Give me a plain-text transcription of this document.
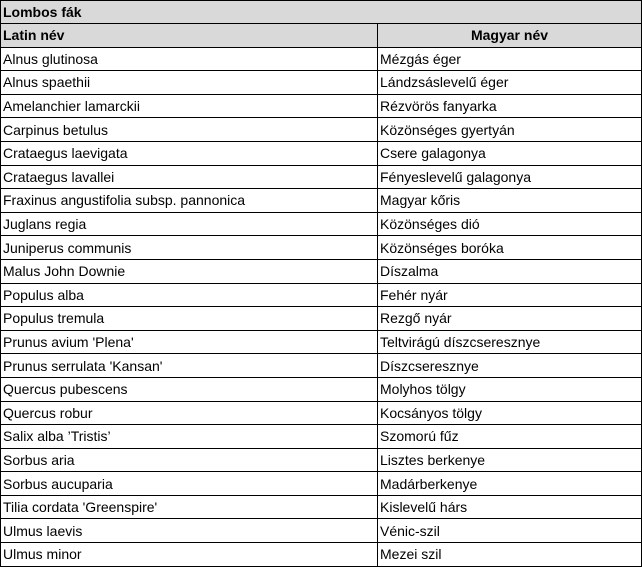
Lombos fák	
Latin név	Magyar név
Alnus glutinosa	Mézgás éger
Alnus spaethii	Lándzsáslevelű éger
Amelanchier lamarckii	Rézvörös fanyarka
Carpinus betulus	Közönséges gyertyán
Crataegus laevigata	Csere galagonya
Crataegus lavallei	Fényeslevelű galagonya
Fraxinus angustifolia subsp. pannonica	Magyar kőris
Juglans regia	Közönséges dió
Juniperus communis	Közönséges boróka
Malus John Downie	Díszalma
Populus alba	Fehér nyár
Populus tremula	Rezgő nyár
Prunus avium 'Plena'	Teltvirágú díszcseresznye
Prunus serrulata 'Kansan'	Díszcseresznye
Quercus pubescens	Molyhos tölgy
Quercus robur	Kocsányos tölgy
Salix alba ’Tristis’	Szomorú fűz
Sorbus aria	Lisztes berkenye
Sorbus aucuparia	Madárberkenye
Tilia cordata 'Greenspire'	Kislevelű hárs
Ulmus laevis	Vénic-szil
Ulmus minor	Mezei szil
